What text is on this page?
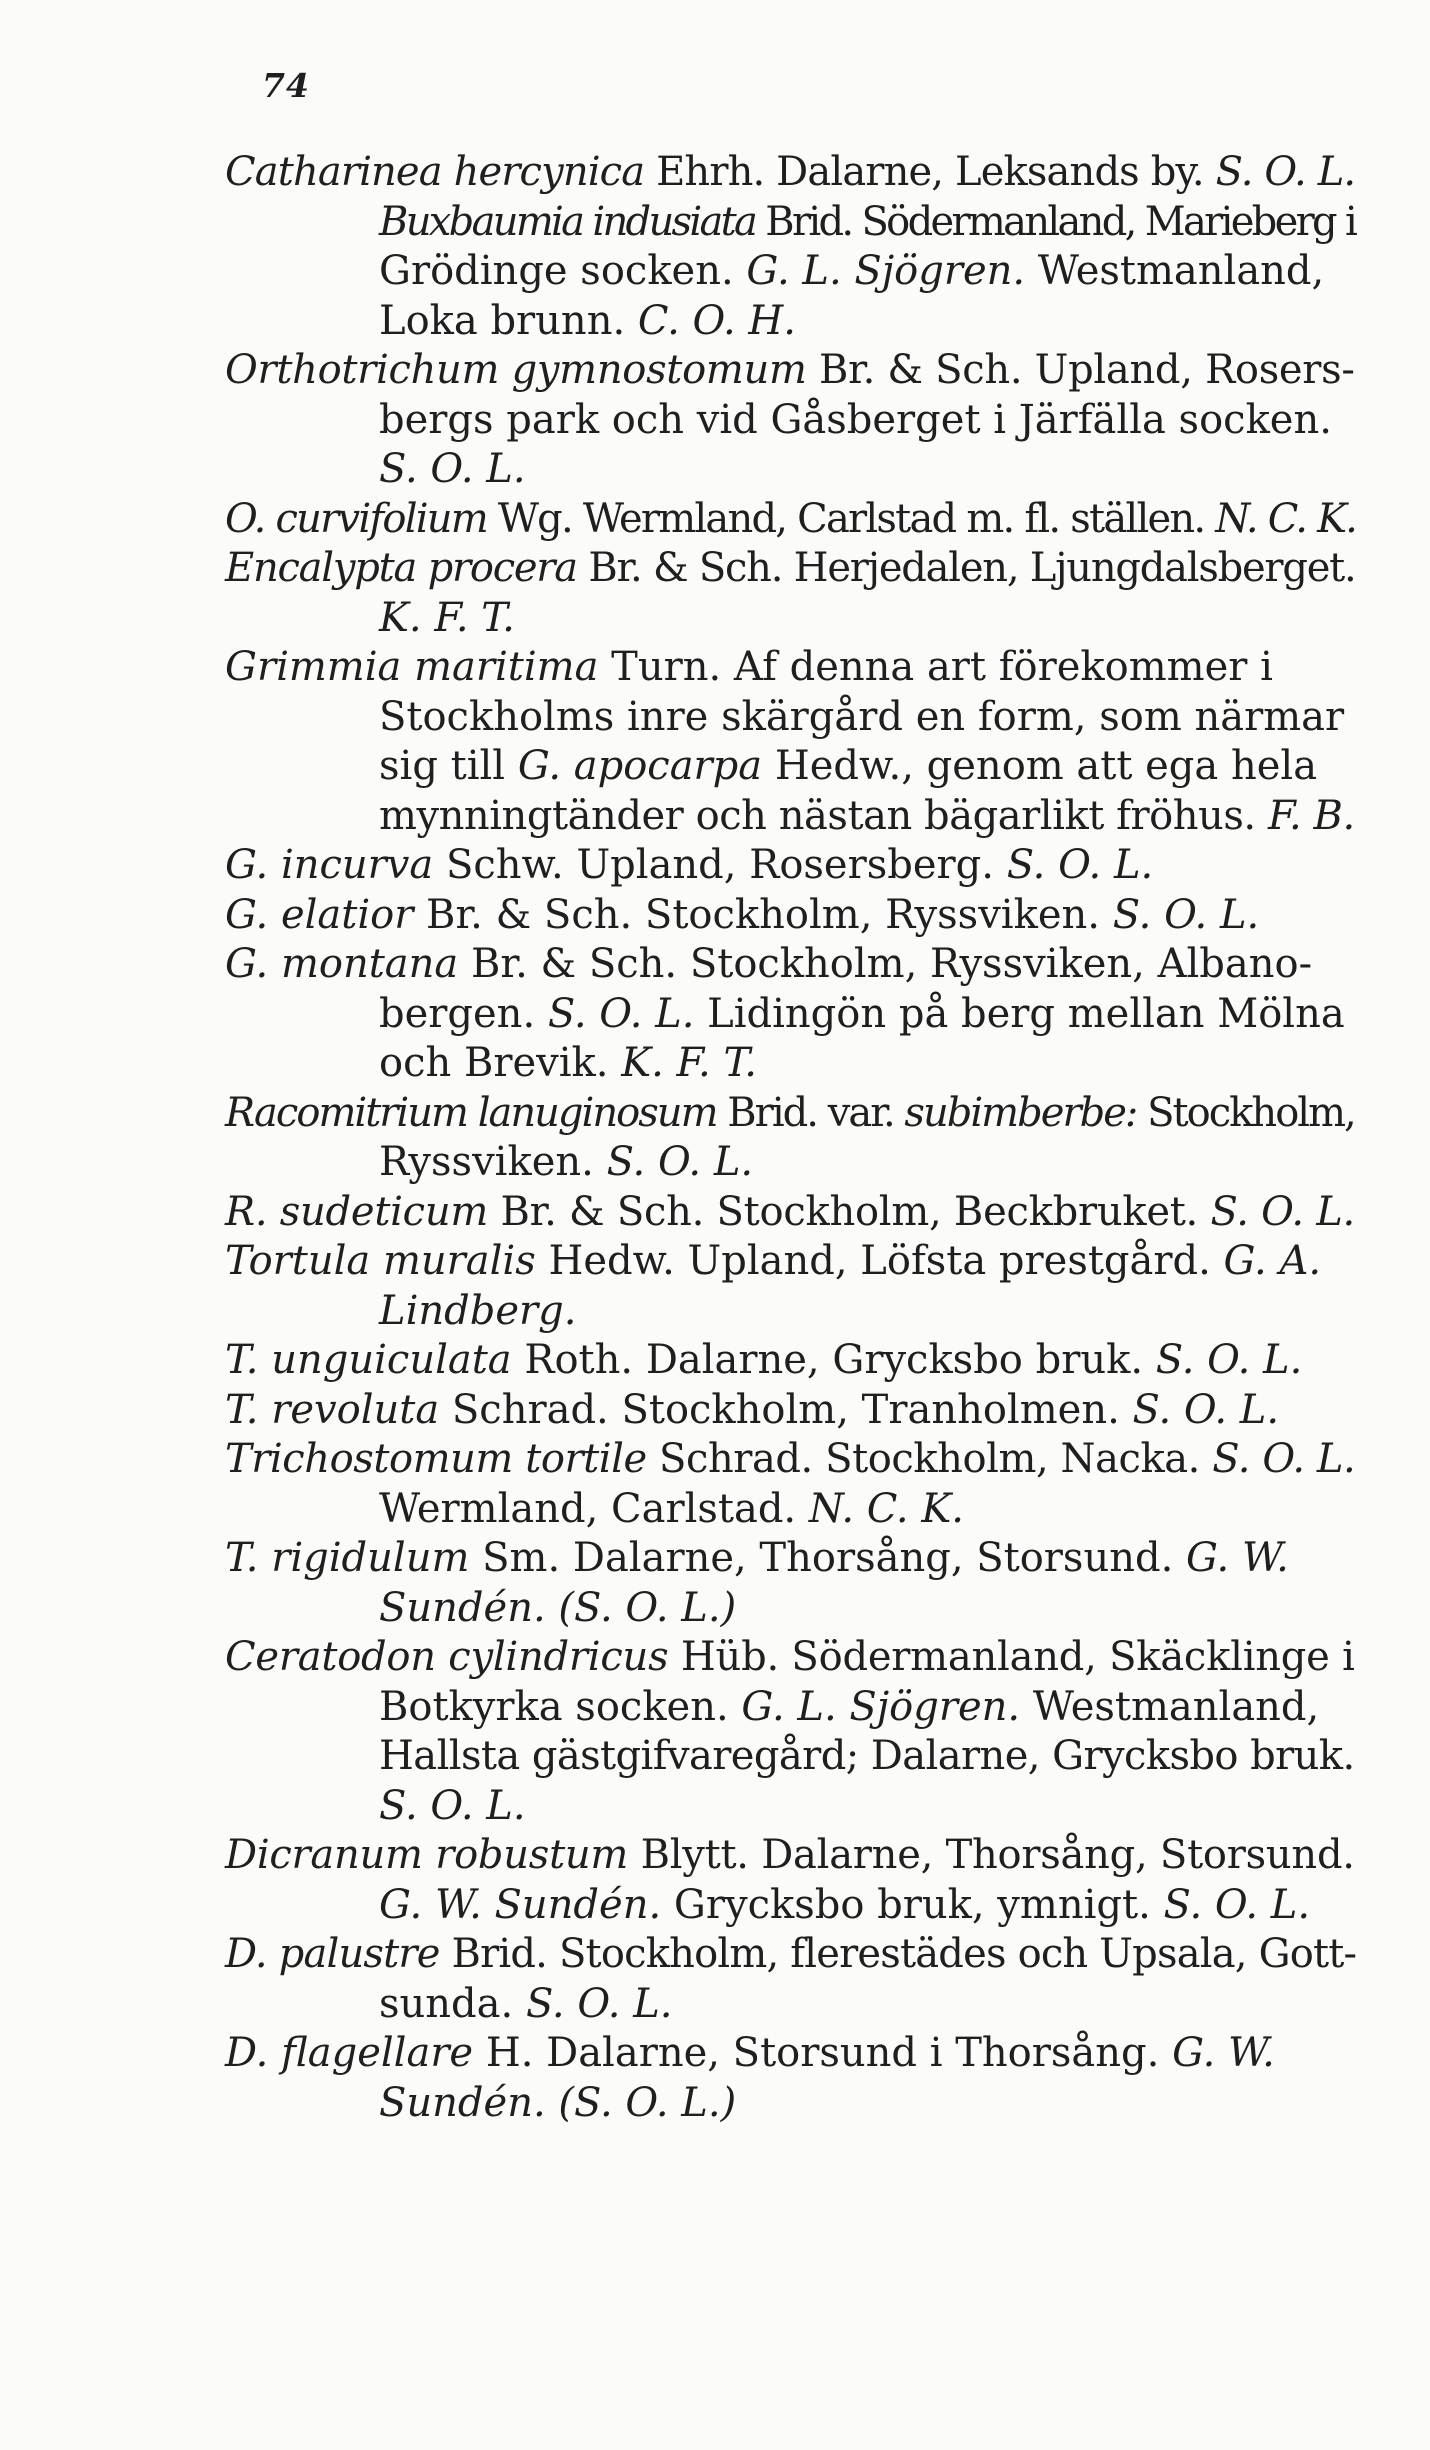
74
Catharinea hercynica Ehrh. Dalarne, Leksands by. S. O. L.
Buxbaumia indusiata Brid. Södermanland, Marieberg i
Grödinge socken. G. L. Sjögren. Westmanland,
Loka brunn. C. O. H.
Orthotrichum gymnostomum Br. & Sch. Upland, Rosers-
bergs park och vid Gåsberget i Järfälla socken.
S. O. L.
O. curvifolium Wg. Wermland, Carlstad m. fl. ställen. N. C. K.
Encalypta procera Br. & Sch. Herjedalen, Ljungdalsberget.
K. F. T.
Grimmia maritima Turn. Af denna art förekommer i
Stockholms inre skärgård en form, som närmar
sig till G. apocarpa Hedw., genom att ega hela
mynningtänder och nästan bägarlikt fröhus. F. B.
G. incurva Schw. Upland, Rosersberg. S. O. L.
G. elatior Br. & Sch. Stockholm, Ryssviken. S. O. L.
G. montana Br. & Sch. Stockholm, Ryssviken, Albano-
bergen. S. O. L. Lidingön på berg mellan Mölna
och Brevik. K. F. T.
Racomitrium lanuginosum Brid. var. subimberbe: Stockholm,
Ryssviken. S. O. L.
R. sudeticum Br. & Sch. Stockholm, Beckbruket. S. O. L.
Tortula muralis Hedw. Upland, Löfsta prestgård. G. A.
Lindberg.
T. unguiculata Roth. Dalarne, Grycksbo bruk. S. O. L.
T. revoluta Schrad. Stockholm, Tranholmen. S. O. L.
Trichostomum tortile Schrad. Stockholm, Nacka. S. O. L.
Wermland, Carlstad. N. C. K.
T. rigidulum Sm. Dalarne, Thorsång, Storsund. G. W.
Sundén. (S. O. L.)
Ceratodon cylindricus Hüb. Södermanland, Skäcklinge i
Botkyrka socken. G. L. Sjögren. Westmanland,
Hallsta gästgifvaregård; Dalarne, Grycksbo bruk.
S. O. L.
Dicranum robustum Blytt. Dalarne, Thorsång, Storsund.
G. W. Sundén. Grycksbo bruk, ymnigt. S. O. L.
D. palustre Brid. Stockholm, flerestädes och Upsala, Gott-
sunda. S. O. L.
D. flagellare H. Dalarne, Storsund i Thorsång. G. W.
Sundén. (S. O. L.)
